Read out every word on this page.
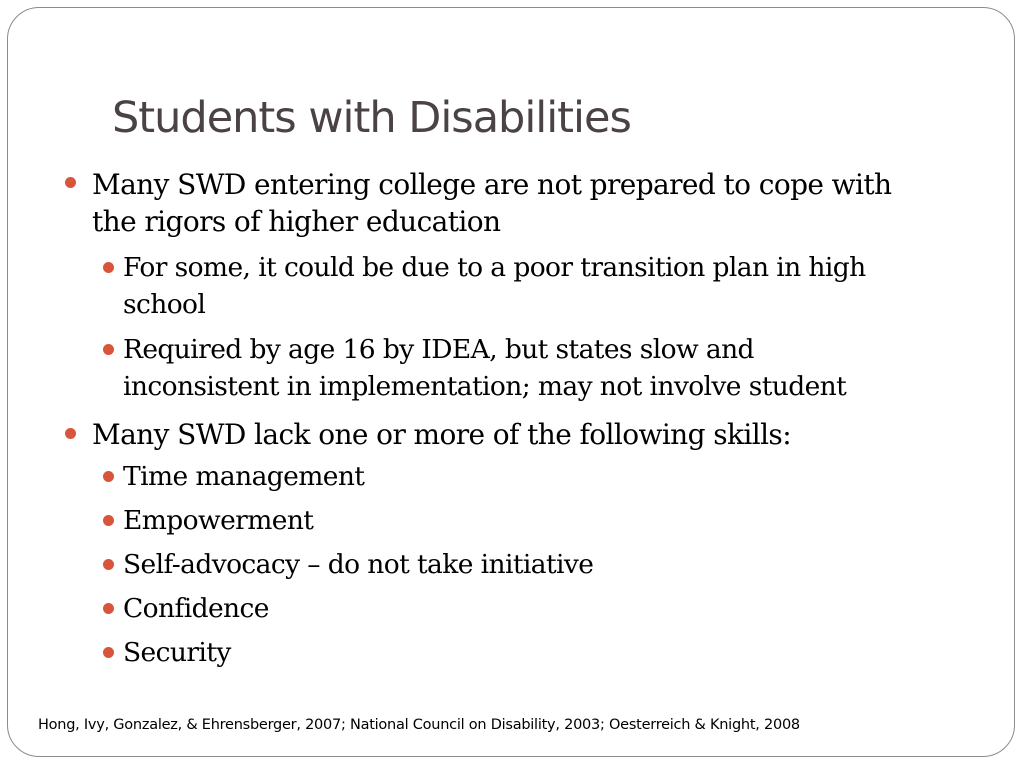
Students with Disabilities
Many SWD entering college are not prepared to cope with
the rigors of higher education
For some, it could be due to a poor transition plan in high
school
Required by age 16 by IDEA, but states slow and
inconsistent in implementation; may not involve student
Many SWD lack one or more of the following skills:
Time management
Empowerment
Self-advocacy – do not take initiative
Confidence
Security
Hong, Ivy, Gonzalez, & Ehrensberger, 2007; National Council on Disability, 2003; Oesterreich & Knight, 2008
